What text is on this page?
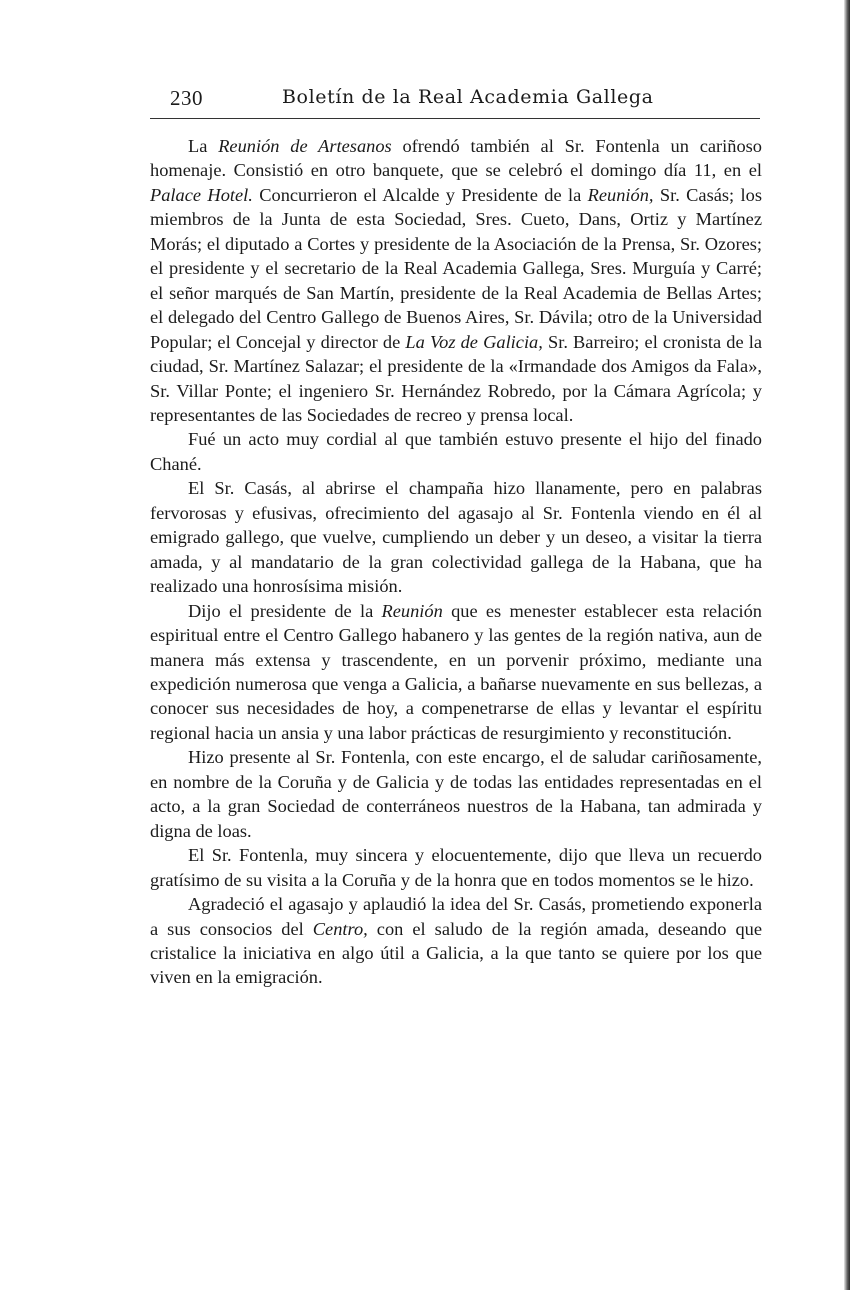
230	Boletín de la Real Academia Gallega

La Reunión de Artesanos ofrendó también al Sr. Fontenla un cariñoso homenaje. Consistió en otro banquete, que se celebró el domingo día 11, en el Palace Hotel. Concurrieron el Alcalde y Presidente de la Reunión, Sr. Casás; los miembros de la Junta de esta Sociedad, Sres. Cueto, Dans, Ortiz y Martínez Morás; el diputado a Cortes y presidente de la Asociación de la Prensa, Sr. Ozores; el presidente y el secretario de la Real Academia Gallega, Sres. Murguía y Carré; el señor marqués de San Martín, presidente de la Real Academia de Bellas Artes; el delegado del Centro Gallego de Buenos Aires, Sr. Dávila; otro de la Universidad Popular; el Concejal y director de La Voz de Galicia, Sr. Barreiro; el cronista de la ciudad, Sr. Martínez Salazar; el presidente de la «Irmandade dos Amigos da Fala», Sr. Villar Ponte; el ingeniero Sr. Hernández Robredo, por la Cámara Agrícola; y representantes de las Sociedades de recreo y prensa local.

Fué un acto muy cordial al que también estuvo presente el hijo del finado Chané.

El Sr. Casás, al abrirse el champaña hizo llanamente, pero en palabras fervorosas y efusivas, ofrecimiento del agasajo al Sr. Fontenla viendo en él al emigrado gallego, que vuelve, cumpliendo un deber y un deseo, a visitar la tierra amada, y al mandatario de la gran colectividad gallega de la Habana, que ha realizado una honrosísima misión.

Dijo el presidente de la Reunión que es menester establecer esta relación espiritual entre el Centro Gallego habanero y las gentes de la región nativa, aun de manera más extensa y trascendente, en un porvenir próximo, mediante una expedición numerosa que venga a Galicia, a bañarse nuevamente en sus bellezas, a conocer sus necesidades de hoy, a compenetrarse de ellas y levantar el espíritu regional hacia un ansia y una labor prácticas de resurgimiento y reconstitución.

Hizo presente al Sr. Fontenla, con este encargo, el de saludar cariñosamente, en nombre de la Coruña y de Galicia y de todas las entidades representadas en el acto, a la gran Sociedad de conterráneos nuestros de la Habana, tan admirada y digna de loas.

El Sr. Fontenla, muy sincera y elocuentemente, dijo que lleva un recuerdo gratísimo de su visita a la Coruña y de la honra que en todos momentos se le hizo.

Agradeció el agasajo y aplaudió la idea del Sr. Casás, prometiendo exponerla a sus consocios del Centro, con el saludo de la región amada, deseando que cristalice la iniciativa en algo útil a Galicia, a la que tanto se quiere por los que viven en la emigración.
